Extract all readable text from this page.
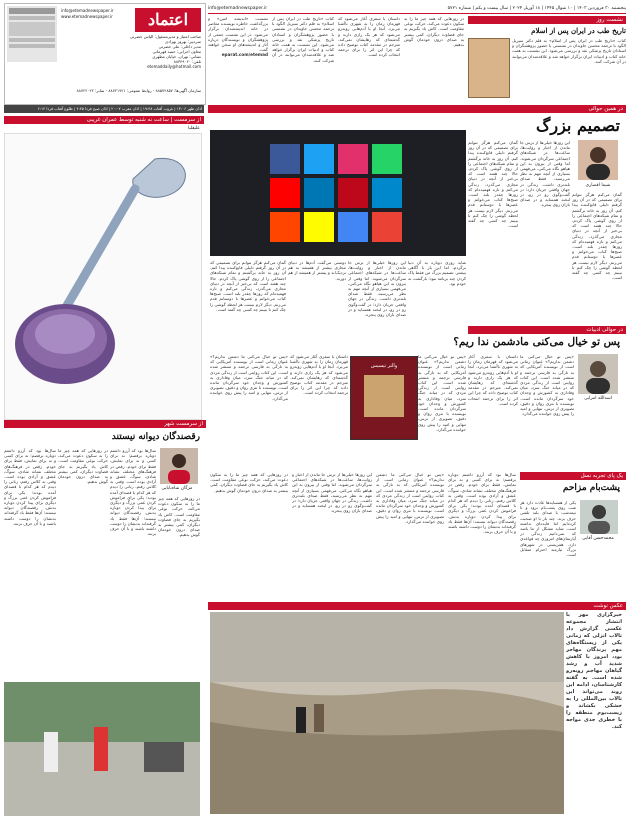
اعتماد
info@etemadnewspaper.ir
www.etemadnewspaper.ir
صاحب امتیاز و مدیرمسئول: الیاس حضرتی
سردبیر: بهروز بهزادی
مدیر داخلی: علی حضرتی
معاون اجرایی: حمید قهرمانی
نشانی: تهران، خیابان مطهری
تلفن: ۸۸۳۴۹۰۲۰
etemaddaily@hotmail.com
سازمان آگهی‌ها: ۸۸۵۷۲۸۵۷ - روابط عمومی: ۸۸۷۲۱۷۲۱ - نمابر: ۸۸۷۲۲۰۲۲
اذان ظهر ۱۳:۰۶ | غروب آفتاب ۱۹:۴۸ | اذان مغرب ۲۰:۰۷ | اذان صبح فردا ۴:۴۵ | طلوع آفتاب فردا ۶:۱۴
پنجشنبه ۳۰ فروردین ۱۴۰۳ | ۱۰ شوال ۱۴۴۵ | ۱۸ آوریل ۲۰۲۴ | سال بیست و یکم | شماره ۵۷۲۱
info@etemadnewspaper.ir
نشست «اندیشه امین» و بزرگداشت خاطره نویسنده معاصر در خانه اندیشمندان برگزار می‌شود. در این نشست جمعی از پژوهشگران و نویسندگان درباره آثار و اندیشه‌های او سخن خواهند گفت.
eparat.com/etemad
کتاب «تاریخ طب در ایران پس از اسلام» به قلم دکتر سیریل الگود با ترجمه محسن جاویدان در نشستی با حضور پژوهشگران و استادان تاریخ پزشکی نقد و بررسی می‌شود. این نشست به همت خانه کتاب و ادبیات ایران برگزار خواهد شد و علاقه‌مندان می‌توانند در آن شرکت کنند.
داستان با سفری آغاز می‌شود که قهرمان رمان را به شهری ناآشنا می‌برد. آنجا او با آدم‌هایی روبه‌رو می‌شود که هر یک رازی دارند و گذشته‌ای که رهایشان نمی‌کند. مترجم در مقدمه کتاب توضیح داده که چرا این اثر را برای ترجمه انتخاب کرده است.
در روزهایی که همه چیز ما را به سکون دعوت می‌کند، حرکت نوعی مقاومت است. کاش یاد بگیریم به جای قضاوت دیگران، کمی بیشتر به صدای درون خودمان گوش بدهیم.
نشست روز
تاریخ طب در ایران پس از اسلام
کتاب «تاریخ طب در ایران پس از اسلام» به قلم دکتر سیریل الگود با ترجمه محسن جاویدان در نشستی با حضور پژوهشگران و استادان تاریخ پزشکی نقد و بررسی می‌شود. این نشست به همت خانه کتاب و ادبیات ایران برگزار خواهد شد و علاقه‌مندان می‌توانند در آن شرکت کنند.
از سرمست | ساعت نه شنبه توسط عمران غریبی
در همین حوالی
علیقلیا	تصمیم بزرگ
شیما اقصاری
گمان می‌کنم هرگز نتوانم برای تصمیمی که در آن روز گرفتم دلیلی قانع‌کننده پیدا کنم. آن روز به خانه برگشتم و تمام شبکه‌های اجتماعی را از روی گوشی پاک کردم. حالا چند هفته است که بی‌خبر از آنچه در دنیای مجازی می‌گذرد، زندگی می‌کنم و تازه فهمیده‌ام که روزها چقدر بلند است. صبح‌ها کتاب می‌خوانم و عصرها با دوستانم قدم می‌زنم. دیگر لازم نیست هر لحظه گوشی را چک کنم تا ببینم چه کسی چه گفته است.
این روزها خیلی‌ها از ترس جا ماندن از اخبار و روایت‌ها، ساعت‌ها در شبکه‌های اجتماعی سرگردان می‌شوند. اما وقتی از بیرون به این هیاهو نگاه می‌کنی، می‌فهمی بسیاری از آنچه مهم به نظر می‌رسید، فقط صدای بلندتری داشت. زندگی در جهان واقعی جریان دارد؛ در گفت‌وگوی رو در رو، در لبخند همسایه و در صدای باران روی پنجره.
گمان می‌کنم هرگز نتوانم برای تصمیمی که در آن روز گرفتم دلیلی قانع‌کننده پیدا کنم. آن روز به خانه برگشتم و تمام شبکه‌های اجتماعی را از روی گوشی پاک کردم. حالا چند هفته است که بی‌خبر از آنچه در دنیای مجازی می‌گذرد، زندگی می‌کنم و تازه فهمیده‌ام که روزها چقدر بلند است. صبح‌ها کتاب می‌خوانم و عصرها با دوستانم قدم می‌زنم. دیگر لازم نیست هر لحظه گوشی را چک کنم تا ببینم چه کسی چه گفته است.
شاید روزی دوباره به آن دنیا برگردم، اما این بار با آگاهی بیشتر. تصمیم بزرگ من فقط پاک کردن چند برنامه نبود؛ بازگشت به خودم بود.
این روزها خیلی‌ها از ترس جا ماندن از اخبار و روایت‌ها، ساعت‌ها در شبکه‌های اجتماعی سرگردان می‌شوند. اما وقتی از بیرون به این هیاهو نگاه می‌کنی، می‌فهمی بسیاری از آنچه مهم به نظر می‌رسید، فقط صدای بلندتری داشت. زندگی در جهان واقعی جریان دارد؛ در گفت‌وگوی رو در رو، در لبخند همسایه و در صدای باران روی پنجره.
دوستی می‌گفت آدم‌ها در دنیای مجازی بیشتر از همیشه به هم نزدیک‌اند و بیشتر از همیشه از هم دورند.
گمان می‌کنم هرگز نتوانم برای تصمیمی که در آن روز گرفتم دلیلی قانع‌کننده پیدا کنم. آن روز به خانه برگشتم و تمام شبکه‌های اجتماعی را از روی گوشی پاک کردم. حالا چند هفته است که بی‌خبر از آنچه در دنیای مجازی می‌گذرد، زندگی می‌کنم و تازه فهمیده‌ام که روزها چقدر بلند است. صبح‌ها کتاب می‌خوانم و عصرها با دوستانم قدم می‌زنم. دیگر لازم نیست هر لحظه گوشی را چک کنم تا ببینم چه کسی چه گفته است.
در حوالی ادبیات
پس تو خیال می‌کنی مادشمن ندا ریم؟
اسدالله امرایی
«پس تو خیال می‌کنی ما دشمن نداریم؟» عنوان رمانی است از نویسنده آمریکایی که به تازگی به فارسی ترجمه و منتشر شده است. این کتاب روایتی است از زندگی مردی که در میانه جنگ سرد، میان وفاداری به کشورش و وجدان خود سرگردان مانده است. نویسنده با نثری روان و دقیق، تصویری از ترس، تنهایی و امید را پیش روی خواننده می‌گذارد.
داستان با سفری آغاز می‌شود که قهرمان رمان را به شهری ناآشنا می‌برد. آنجا او با آدم‌هایی روبه‌رو می‌شود که هر یک رازی دارند و گذشته‌ای که رهایشان نمی‌کند. مترجم در مقدمه کتاب توضیح داده که چرا این اثر را برای ترجمه انتخاب کرده است.
والتر تیسیس
«پس تو خیال می‌کنی ما دشمن نداریم؟» عنوان رمانی است از نویسنده آمریکایی که به تازگی به فارسی ترجمه و منتشر شده است. این کتاب روایتی است از زندگی مردی که در میانه جنگ سرد، میان وفاداری به کشورش و وجدان خود سرگردان مانده است. نویسنده با نثری روان و دقیق، تصویری از ترس، تنهایی و امید را پیش روی خواننده می‌گذارد.
داستان با سفری آغاز می‌شود که قهرمان رمان را به شهری ناآشنا می‌برد. آنجا او با آدم‌هایی روبه‌رو می‌شود که هر یک رازی دارند و گذشته‌ای که رهایشان نمی‌کند. مترجم در مقدمه کتاب توضیح داده که چرا این اثر را برای ترجمه انتخاب کرده است.
«پس تو خیال می‌کنی ما دشمن نداریم؟» عنوان رمانی است از نویسنده آمریکایی که به تازگی به فارسی ترجمه و منتشر شده است. این کتاب روایتی است از زندگی مردی که در میانه جنگ سرد، میان وفاداری به کشورش و وجدان خود سرگردان مانده است. نویسنده با نثری روان و دقیق، تصویری از ترس، تنهایی و امید را پیش روی خواننده می‌گذارد.
یک پای تجربه نسل
پشت‌بام مزاحم
محمدحسن آقایی
یکی از همسایه‌ها عادت دارد هر شب روی پشت‌بام برود و تا نیمه‌شب با صدای بلند تلفنی حرف بزند. چند بار با او صحبت کرده‌ایم اما فایده‌ای نداشته است. شاید مشکل از ما باشد که نمی‌دانیم زندگی در آپارتمان‌های امروزی چه قواعدی دارد. همزیستی در شهرهای بزرگ نیازمند احترام متقابل است.
سال‌ها بود که آرزو داشتم دوباره برقصم؛ نه برای کسی و نه برای نمایش، فقط برای خودم. رقص در فرهنگ‌های مختلف نشانه شادی، سوگ، عشق و آزادی بوده است. وقتی به کلاس رفتم، زنانی را دیدم که هر کدام با قصه‌ای آمده بودند؛ یکی برای فراموش کردن غمی بزرگ و دیگری برای پیدا کردن دوباره بدنش. رقصندگان دیوانه نیستند؛ آن‌ها فقط یاد گرفته‌اند بدنشان را دوست داشته باشند و با آن حرف بزنند.
«پس تو خیال می‌کنی ما دشمن نداریم؟» عنوان رمانی است از نویسنده آمریکایی که به تازگی به فارسی ترجمه و منتشر شده است. این کتاب روایتی است از زندگی مردی که در میانه جنگ سرد، میان وفاداری به کشورش و وجدان خود سرگردان مانده است. نویسنده با نثری روان و دقیق، تصویری از ترس، تنهایی و امید را پیش روی خواننده می‌گذارد.
این روزها خیلی‌ها از ترس جا ماندن از اخبار و روایت‌ها، ساعت‌ها در شبکه‌های اجتماعی سرگردان می‌شوند. اما وقتی از بیرون به این هیاهو نگاه می‌کنی، می‌فهمی بسیاری از آنچه مهم به نظر می‌رسید، فقط صدای بلندتری داشت. زندگی در جهان واقعی جریان دارد؛ در گفت‌وگوی رو در رو، در لبخند همسایه و در صدای باران روی پنجره.
در روزهایی که همه چیز ما را به سکون دعوت می‌کند، حرکت نوعی مقاومت است. کاش یاد بگیریم به جای قضاوت دیگران، کمی بیشتر به صدای درون خودمان گوش بدهیم.
از سرمست شهر
رقصندگان دیوانه نیستند
مژگان شاه‌بابایی
سال‌ها بود که آرزو داشتم دوباره برقصم؛ نه برای کسی و نه برای نمایش، فقط برای خودم. رقص در فرهنگ‌های مختلف نشانه شادی، سوگ، عشق و آزادی بوده است. وقتی به کلاس رفتم، زنانی را دیدم که هر کدام با قصه‌ای آمده بودند؛ یکی برای فراموش کردن غمی بزرگ و دیگری برای پیدا کردن دوباره بدنش. رقصندگان دیوانه نیستند؛ آن‌ها فقط یاد گرفته‌اند بدنشان را دوست داشته باشند و با آن حرف بزنند.
در روزهایی که همه چیز ما را به سکون دعوت می‌کند، حرکت نوعی مقاومت است. کاش یاد بگیریم به جای قضاوت دیگران، کمی بیشتر به صدای درون خودمان گوش بدهیم.
سال‌ها بود که آرزو داشتم دوباره برقصم؛ نه برای کسی و نه برای نمایش، فقط برای خودم. رقص در فرهنگ‌های مختلف نشانه شادی، سوگ، عشق و آزادی بوده است. وقتی به کلاس رفتم، زنانی را دیدم که هر کدام با قصه‌ای آمده بودند؛ یکی برای فراموش کردن غمی بزرگ و دیگری برای پیدا کردن دوباره بدنش. رقصندگان دیوانه نیستند؛ آن‌ها فقط یاد گرفته‌اند بدنشان را دوست داشته باشند و با آن حرف بزنند.
در روزهایی که همه چیز ما را به سکون دعوت می‌کند، حرکت نوعی مقاومت است. کاش یاد بگیریم به جای قضاوت دیگران، کمی بیشتر به صدای درون خودمان گوش بدهیم.
عکس نوشت
خبرگزاری مهر با انتشار مجموعه عکسی گزارش داد تالاب انزلی که زمانی یکی از زیستگاه‌های مهم پرندگان مهاجر بود، امروز با کاهش شدید آب و رشد گیاهان مهاجم روبه‌رو شده است. به گفته کارشناسان، ادامه این روند می‌تواند این تالاب بین‌المللی را به خشکی بکشاند و زیست‌بوم منطقه را با خطری جدی مواجه کند.
